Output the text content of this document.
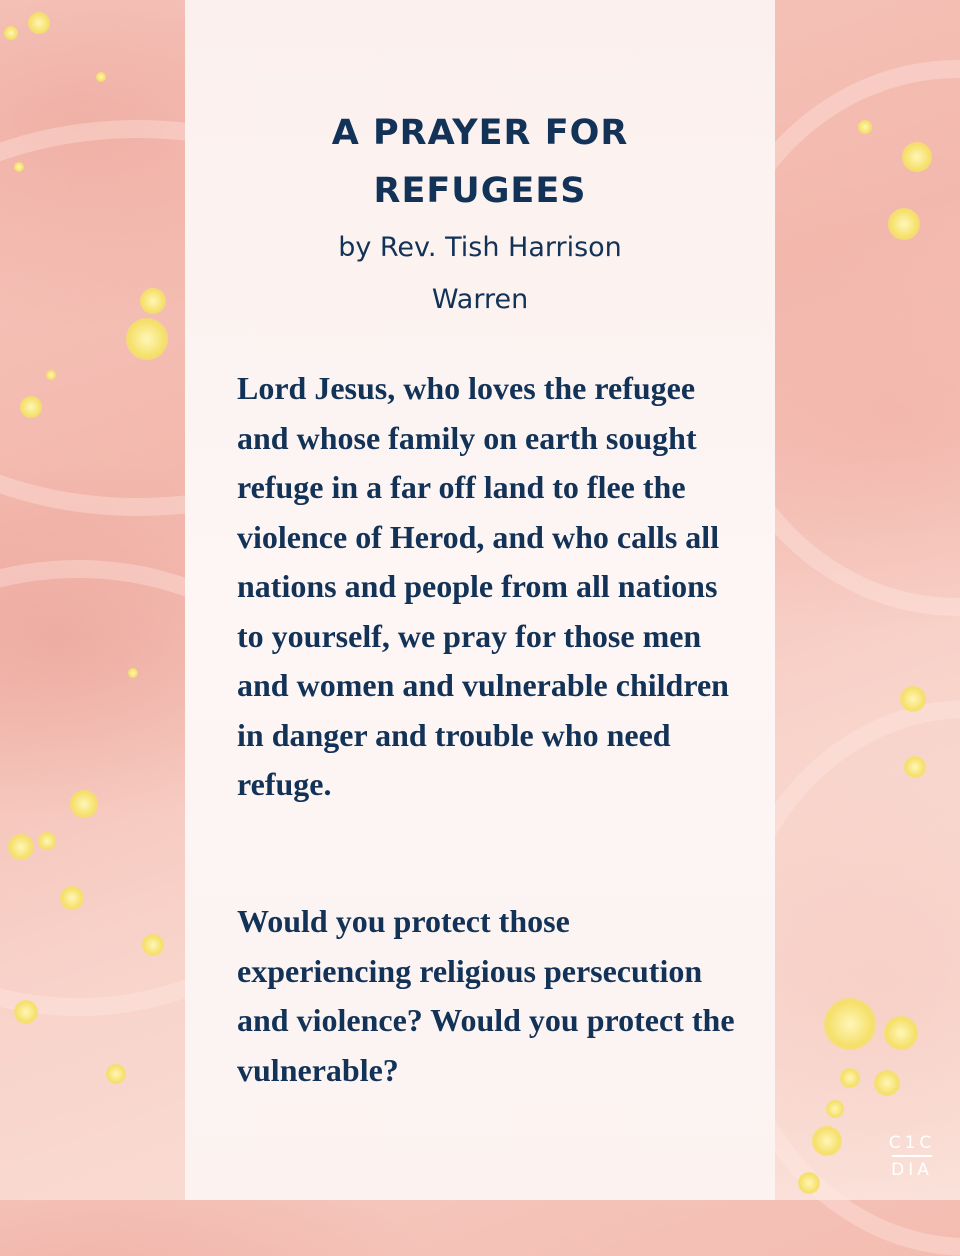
A PRAYER FOR REFUGEES
by Rev. Tish Harrison Warren
Lord Jesus, who loves the refugee and whose family on earth sought refuge in a far off land to flee the violence of Herod, and who calls all nations and people from all nations to yourself, we pray for those men and women and vulnerable children in danger and trouble who need refuge.
Would you protect those experiencing religious persecution and violence? Would you protect the vulnerable?
C1C
DIA
